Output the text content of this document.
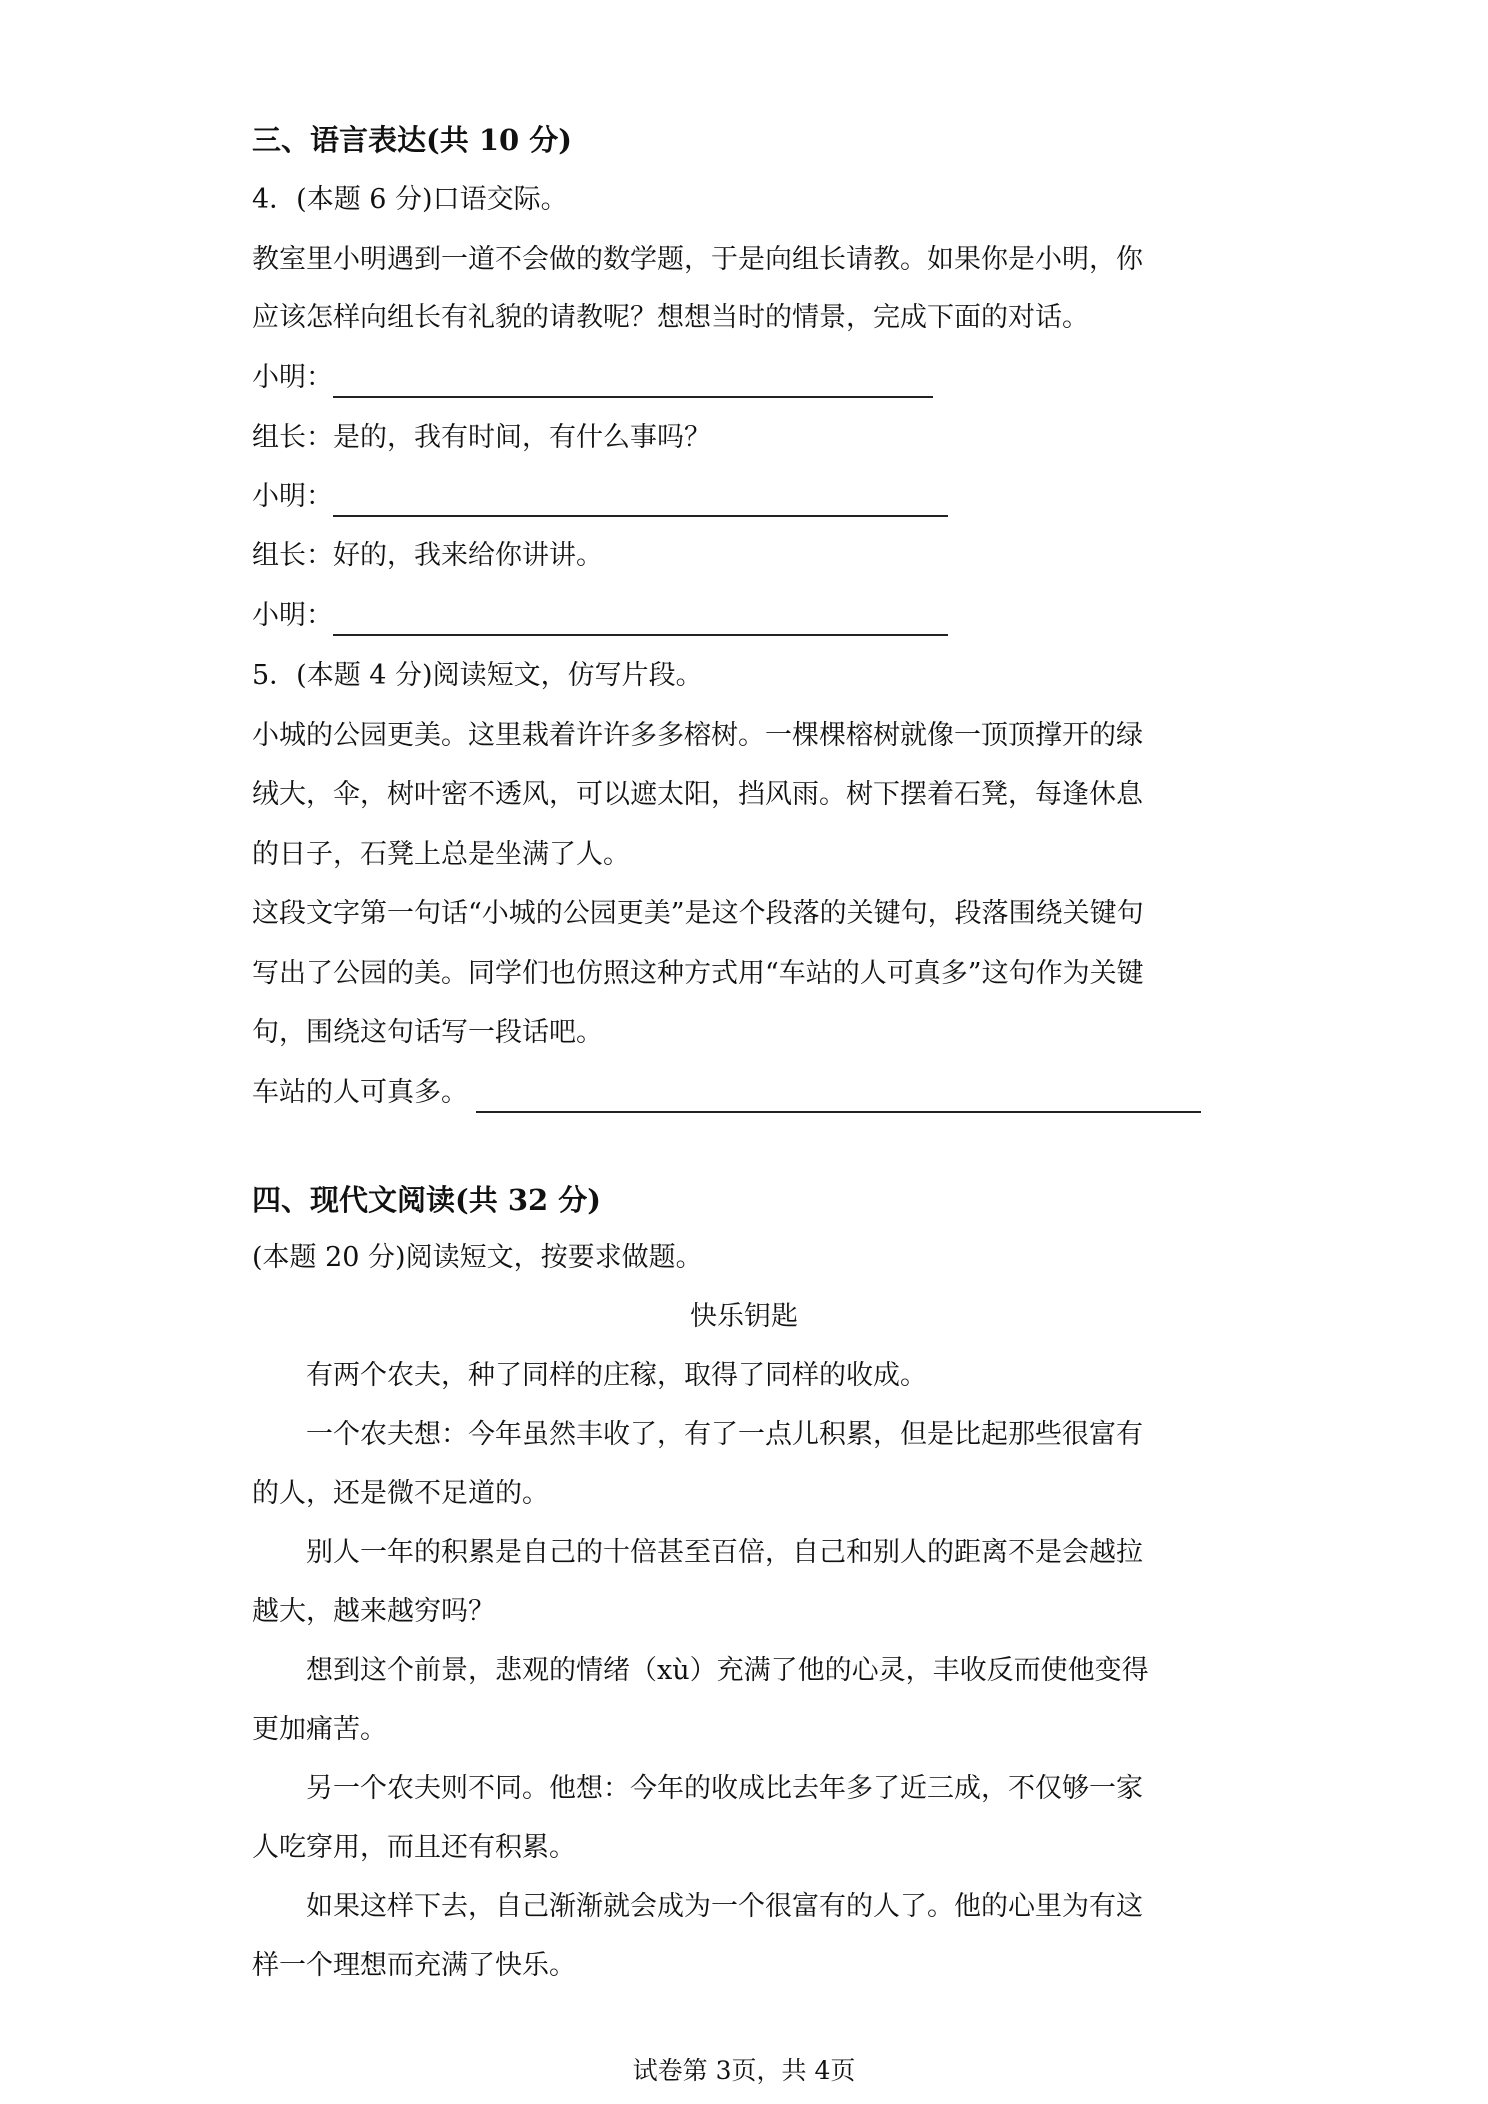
三、语言表达(共 10 分)
4．(本题 6 分)口语交际。
教室里小明遇到一道不会做的数学题，于是向组长请教。如果你是小明，你
应该怎样向组长有礼貌的请教呢？想想当时的情景，完成下面的对话。
小明：
组长：是的，我有时间，有什么事吗？
小明：
组长：好的，我来给你讲讲。
小明：
5．(本题 4 分)阅读短文，仿写片段。
小城的公园更美。这里栽着许许多多榕树。一棵棵榕树就像一顶顶撑开的绿
绒大，伞，树叶密不透风，可以遮太阳，挡风雨。树下摆着石凳，每逢休息
的日子，石凳上总是坐满了人。
这段文字第一句话“小城的公园更美”是这个段落的关键句，段落围绕关键句
写出了公园的美。同学们也仿照这种方式用“车站的人可真多”这句作为关键
句，围绕这句话写一段话吧。
车站的人可真多。
四、现代文阅读(共 32 分)
(本题 20 分)阅读短文，按要求做题。
快乐钥匙
有两个农夫，种了同样的庄稼，取得了同样的收成。
一个农夫想：今年虽然丰收了，有了一点儿积累，但是比起那些很富有
的人，还是微不足道的。
别人一年的积累是自己的十倍甚至百倍，自己和别人的距离不是会越拉
越大，越来越穷吗？
想到这个前景，悲观的情绪（xù）充满了他的心灵，丰收反而使他变得
更加痛苦。
另一个农夫则不同。他想：今年的收成比去年多了近三成，不仅够一家
人吃穿用，而且还有积累。
如果这样下去，自己渐渐就会成为一个很富有的人了。他的心里为有这
样一个理想而充满了快乐。
试卷第 3页，共 4页
